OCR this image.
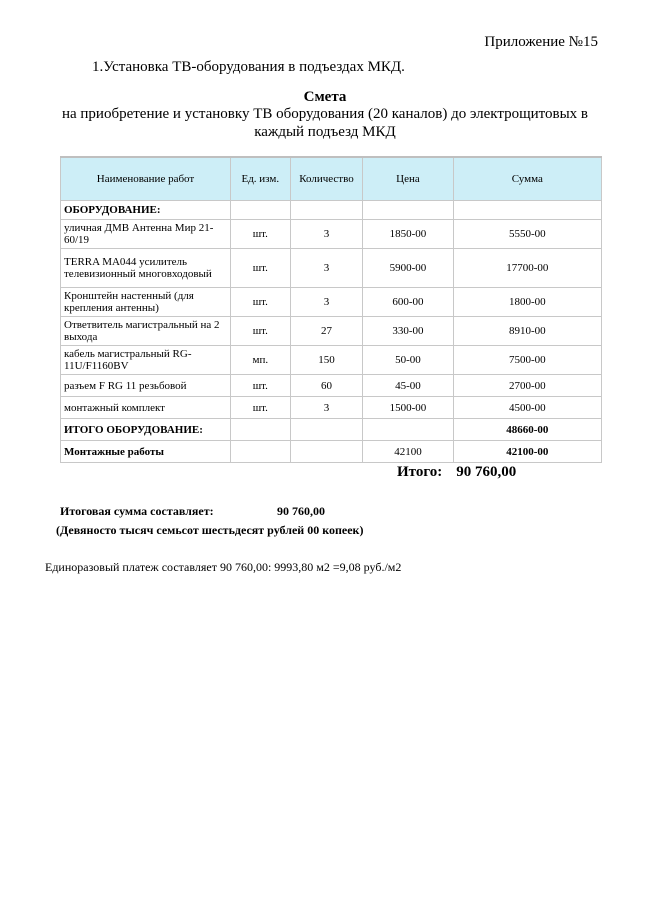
Приложение №15
1.Установка ТВ-оборудования в подъездах МКД.
Смета
на приобретение и установку ТВ оборудования (20 каналов) до электрощитовых в каждый подъезд МКД
Наименование работ	Ед. изм.	Количество	Цена	Сумма
ОБОРУДОВАНИЕ:				
уличная ДМВ Антенна Мир 21-60/19	шт.	3	1850-00	5550-00
TERRA MA044 усилитель телевизионный многовходовый	шт.	3	5900-00	17700-00
Кронштейн настенный (для крепления антенны)	шт.	3	600-00	1800-00
Ответвитель магистральный на 2 выхода	шт.	27	330-00	8910-00
кабель магистральный RG-11U/F1160BV	мп.	150	50-00	7500-00
разъем F RG 11 резьбовой	шт.	60	45-00	2700-00
монтажный комплект	шт.	3	1500-00	4500-00
ИТОГО ОБОРУДОВАНИЕ:				48660-00
Монтажные работы			42100	42100-00
Итого: 90 760,00
Итоговая сумма составляет:	90 760,00
(Девяносто тысяч семьсот шестьдесят рублей 00 копеек)
Единоразовый платеж составляет 90 760,00: 9993,80 м2 =9,08 руб./м2
